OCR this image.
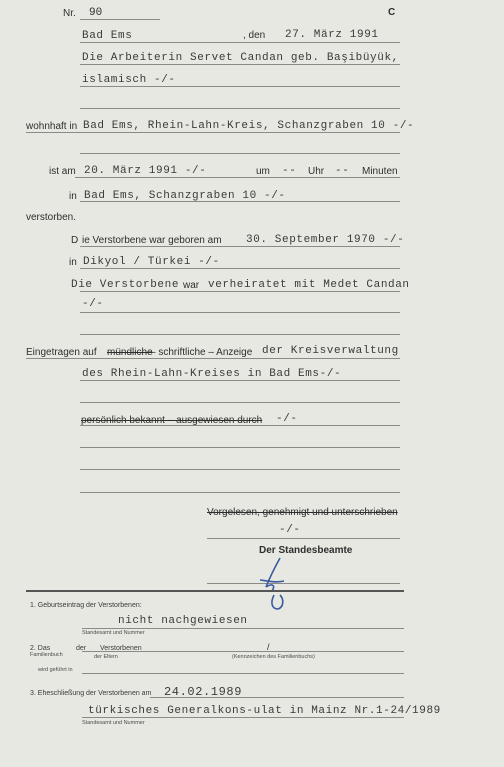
Nr. 90	C
Bad Ems	, den 27. März 1991
Die Arbeiterin Servet Candan geb. Başibüyük,
islamisch -/-
wohnhaft in Bad Ems, Rhein-Lahn-Kreis, Schanzgraben 10 -/-
ist am 20. März 1991 -/-	um -- Uhr -- Minuten
in Bad Ems, Schanzgraben 10 -/-
verstorben.
D ie Verstorbene war geboren am 30. September 1970 -/-
in Dikyol / Türkei -/-
Die Verstorbene war verheiratet mit Medet Candan
-/-
Eingetragen auf mündliche
– schriftliche – Anzeige der Kreisverwaltung
des Rhein-Lahn-Kreises in Bad Ems-/-
persönlich bekannt – ausgewiesen durch -/-
Vorgelesen, genehmigt und unterschrieben
-/-
Der Standesbeamte
1. Geburtseintrag der Verstorbenen:
nicht nachgewiesen
Standesamt und Nummer
2. Das
Familienbuch
der Verstorbenen
der Eltern
/
(Kennzeichen des Familienbuchs)
wird geführt in
3. Eheschließung der Verstorbenen am 24.02.1989
türkisches Generalkons-ulat in Mainz Nr.1-24/1989
Standesamt und Nummer
